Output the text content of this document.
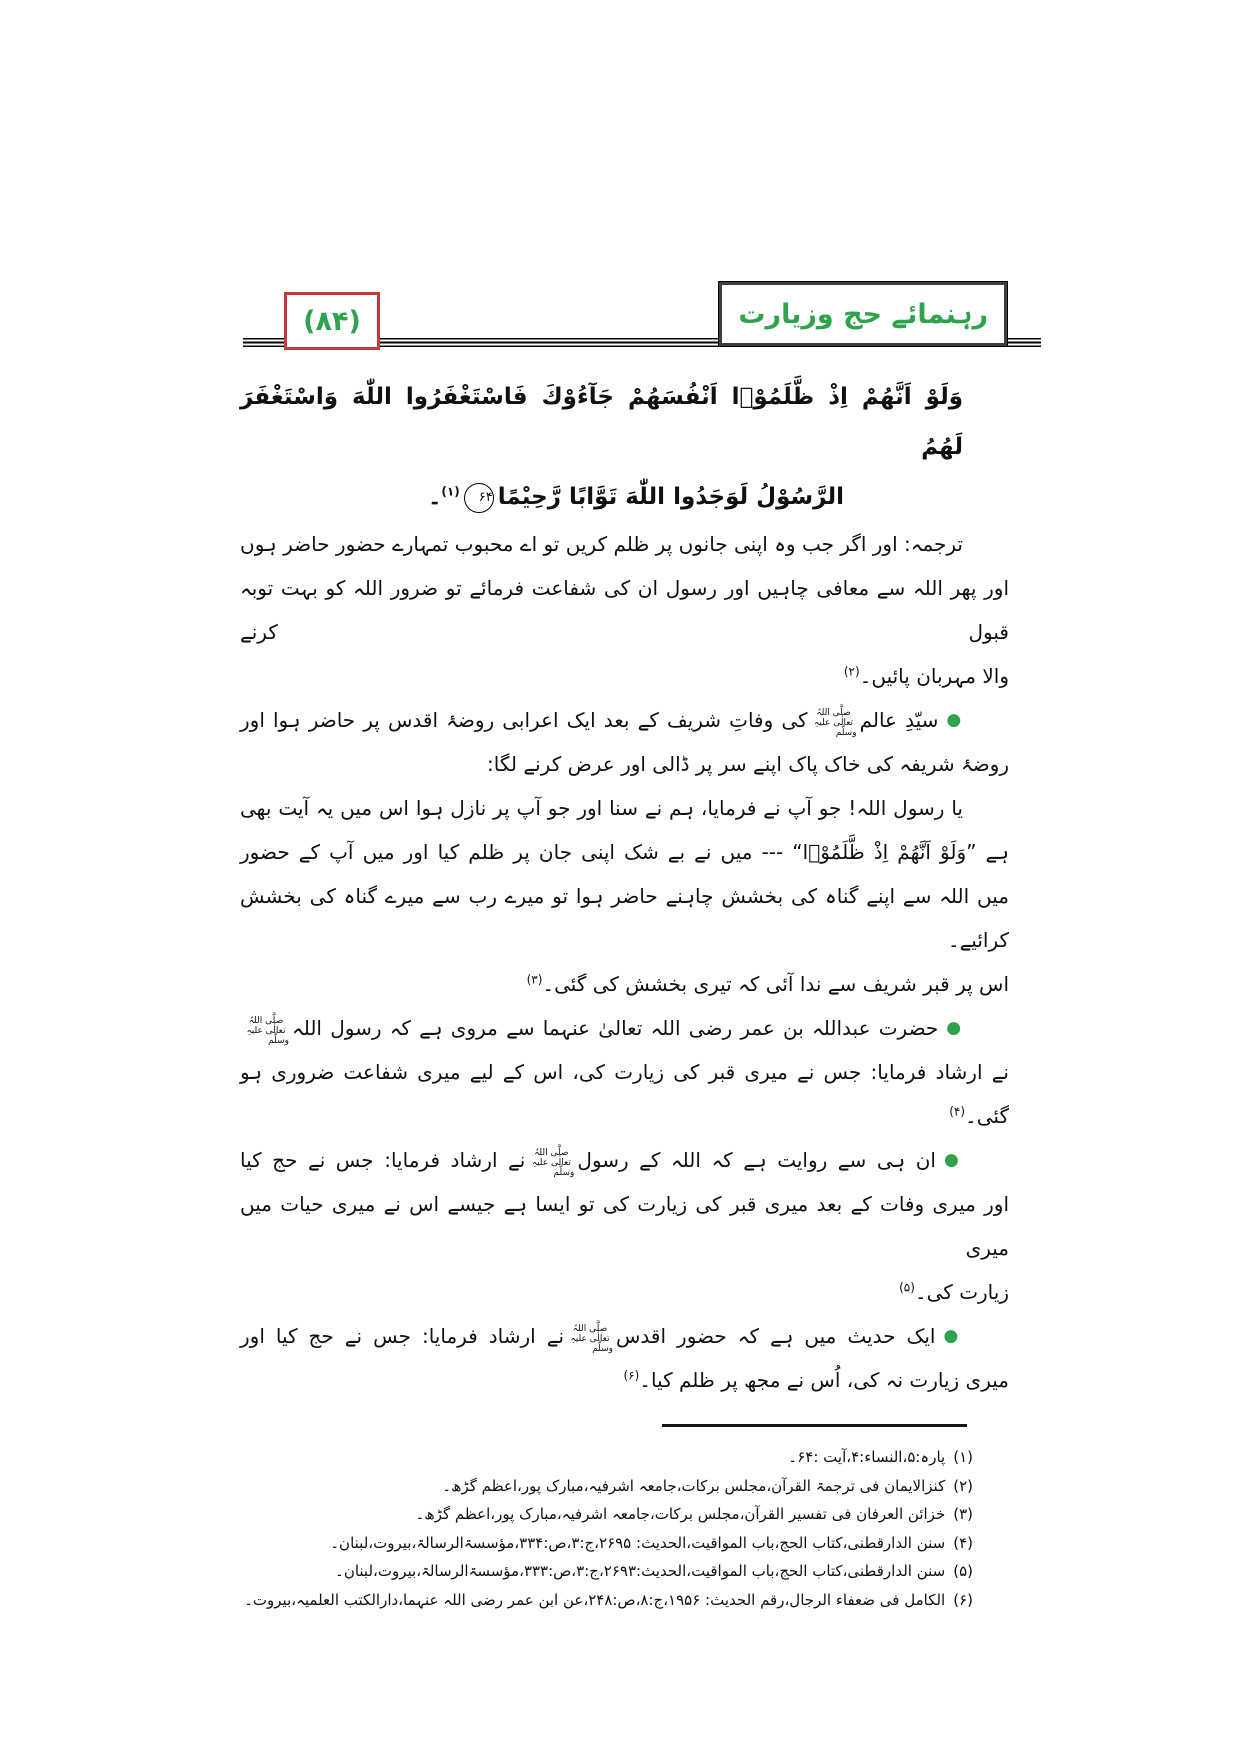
(۸۴)	رہنمائے حج وزیارت
وَلَوْ اَنَّهُمْ اِذْ ظَّلَمُوْۤا اَنْفُسَهُمْ جَآءُوْكَ فَاسْتَغْفَرُوا اللّٰهَ وَاسْتَغْفَرَ لَهُمُ
الرَّسُوْلُ لَوَجَدُوا اللّٰهَ تَوَّابًا رَّحِيْمًا۶۴$^{(۱)}$۔
ترجمہ: اور اگر جب وہ اپنی جانوں پر ظلم کریں تو اے محبوب تمہارے حضور حاضر ہوں
اور پھر اللہ سے معافی چاہیں اور رسول ان کی شفاعت فرمائے تو ضرور اللہ کو بہت توبہ قبول کرنے
والا مہربان پائیں۔$^{(۲)}$
●سیّدِ عالمصلَّی اللہُ تعالٰی علیہِ وسلَّمکی وفاتِ شریف کے بعد ایک اعرابی روضۂ اقدس پر حاضر ہوا اور
روضۂ شریفہ کی خاک پاک اپنے سر پر ڈالی اور عرض کرنے لگا:
یا رسول اللہ! جو آپ نے فرمایا، ہم نے سنا اور جو آپ پر نازل ہوا اس میں یہ آیت بھی
ہے ”وَلَوْ اَنَّهُمْ اِذْ ظَّلَمُوْۤا“ --- میں نے بے شک اپنی جان پر ظلم کیا اور میں آپ کے حضور
میں اللہ سے اپنے گناہ کی بخشش چاہنے حاضر ہوا تو میرے رب سے میرے گناہ کی بخشش کرائیے۔
اس پر قبر شریف سے ندا آئی کہ تیری بخشش کی گئی۔$^{(۳)}$
●حضرت عبداللہ بن عمر رضی اللہ تعالیٰ عنہما سے مروی ہے کہ رسول اللہصلَّی اللہُ تعالٰی علیہِ وسلَّم
نے ارشاد فرمایا: جس نے میری قبر کی زیارت کی، اس کے لیے میری شفاعت ضروری ہو گئی۔$^{(۴)}$
●ان ہی سے روایت ہے کہ اللہ کے رسولصلَّی اللہُ تعالٰی علیہِ وسلَّمنے ارشاد فرمایا: جس نے حج کیا
اور میری وفات کے بعد میری قبر کی زیارت کی تو ایسا ہے جیسے اس نے میری حیات میں میری
زیارت کی۔$^{(۵)}$
●ایک حدیث میں ہے کہ حضور اقدسصلَّی اللہُ تعالٰی علیہِ وسلَّمنے ارشاد فرمایا: جس نے حج کیا اور
میری زیارت نہ کی، اُس نے مجھ پر ظلم کیا۔$^{(۶)}$
(۱)پارہ:۵،النساء:۴،آیت :۶۴۔
(۲)کنزالایمان فی ترجمۃ القرآن،مجلس برکات،جامعہ اشرفیہ،مبارک پور،اعظم گڑھ۔
(۳)خزائن العرفان فی تفسیر القرآن،مجلس برکات،جامعہ اشرفیہ،مبارک پور،اعظم گڑھ۔
(۴)سنن الدارقطنی،کتاب الحج،باب المواقیت،الحدیث: ۲۶۹۵،ج:۳،ص:۳۳۴،مؤسسۃالرسالۃ،بیروت،لبنان۔
(۵)سنن الدارقطنی،کتاب الحج،باب المواقیت،الحدیث:۲۶۹۳،ج:۳،ص:۳۳۳،مؤسسۃالرسالۃ،بیروت،لبنان۔
(۶)الکامل فی ضعفاء الرجال،رقم الحدیث: ۱۹۵۶،ج:۸،ص:۲۴۸،عن ابن عمر رضی اللہ عنہما،دارالکتب العلمیہ،بیروت۔
